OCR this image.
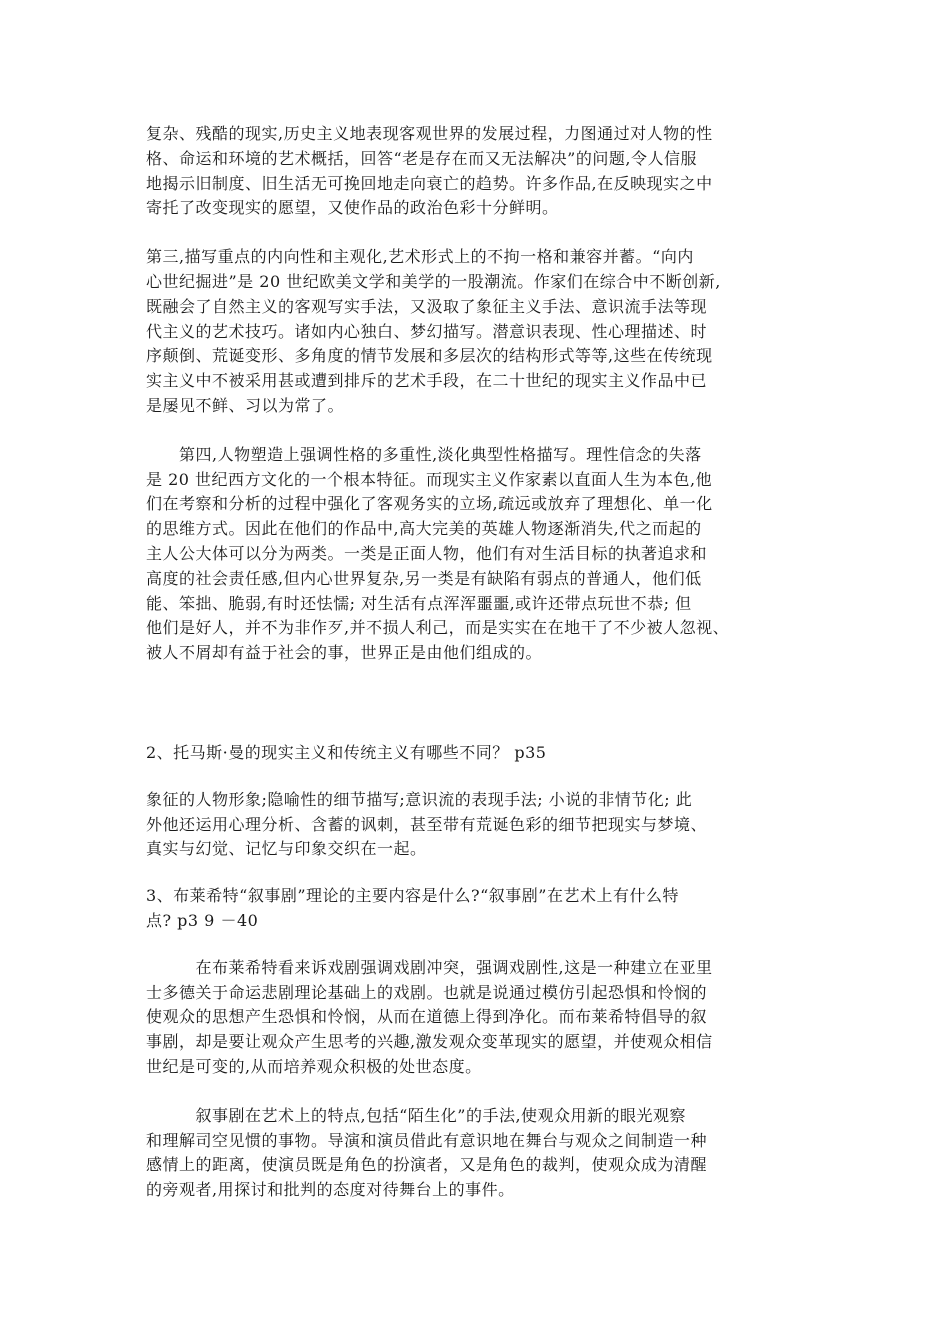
复杂、残酷的现实,历史主义地表现客观世界的发展过程，力图通过对人物的性
格、命运和环境的艺术概括，回答“老是存在而又无法解决”的问题,令人信服
地揭示旧制度、旧生活无可挽回地走向衰亡的趋势。许多作品,在反映现实之中
寄托了改变现实的愿望，又使作品的政治色彩十分鲜明。
第三,描写重点的内向性和主观化,艺术形式上的不拘一格和兼容并蓄。“向内
心世纪掘进”是 20 世纪欧美文学和美学的一股潮流。作家们在综合中不断创新,
既融会了自然主义的客观写实手法，又汲取了象征主义手法、意识流手法等现
代主义的艺术技巧。诸如内心独白、梦幻描写。潜意识表现、性心理描述、时
序颠倒、荒诞变形、多角度的情节发展和多层次的结构形式等等,这些在传统现
实主义中不被采用甚或遭到排斥的艺术手段，在二十世纪的现实主义作品中已
是屡见不鲜、习以为常了。
　　第四,人物塑造上强调性格的多重性,淡化典型性格描写。理性信念的失落
是 20 世纪西方文化的一个根本特征。而现实主义作家素以直面人生为本色,他
们在考察和分析的过程中强化了客观务实的立场,疏远或放弃了理想化、单一化
的思维方式。因此在他们的作品中,高大完美的英雄人物逐渐消失,代之而起的
主人公大体可以分为两类。一类是正面人物，他们有对生活目标的执著追求和
高度的社会责任感,但内心世界复杂,另一类是有缺陷有弱点的普通人，他们低
能、笨拙、脆弱,有时还怯懦; 对生活有点浑浑噩噩,或许还带点玩世不恭; 但
他们是好人，并不为非作歹,并不损人利己，而是实实在在地干了不少被人忽视、
被人不屑却有益于社会的事，世界正是由他们组成的。
2、托马斯·曼的现实主义和传统主义有哪些不同？ p35
象征的人物形象;隐喻性的细节描写;意识流的表现手法; 小说的非情节化; 此
外他还运用心理分析、含蓄的讽刺，甚至带有荒诞色彩的细节把现实与梦境、
真实与幻觉、记忆与印象交织在一起。
3、布莱希特“叙事剧”理论的主要内容是什么?“叙事剧”在艺术上有什么特
点? p3 9 －40
　　　在布莱希特看来诉戏剧强调戏剧冲突，强调戏剧性,这是一种建立在亚里
士多德关于命运悲剧理论基础上的戏剧。也就是说通过模仿引起恐惧和怜悯的
使观众的思想产生恐惧和怜悯，从而在道德上得到净化。而布莱希特倡导的叙
事剧，却是要让观众产生思考的兴趣,激发观众变革现实的愿望，并使观众相信
世纪是可变的,从而培养观众积极的处世态度。
　　　叙事剧在艺术上的特点,包括“陌生化”的手法,使观众用新的眼光观察
和理解司空见惯的事物。导演和演员借此有意识地在舞台与观众之间制造一种
感情上的距离，使演员既是角色的扮演者，又是角色的裁判，使观众成为清醒
的旁观者,用探讨和批判的态度对待舞台上的事件。
